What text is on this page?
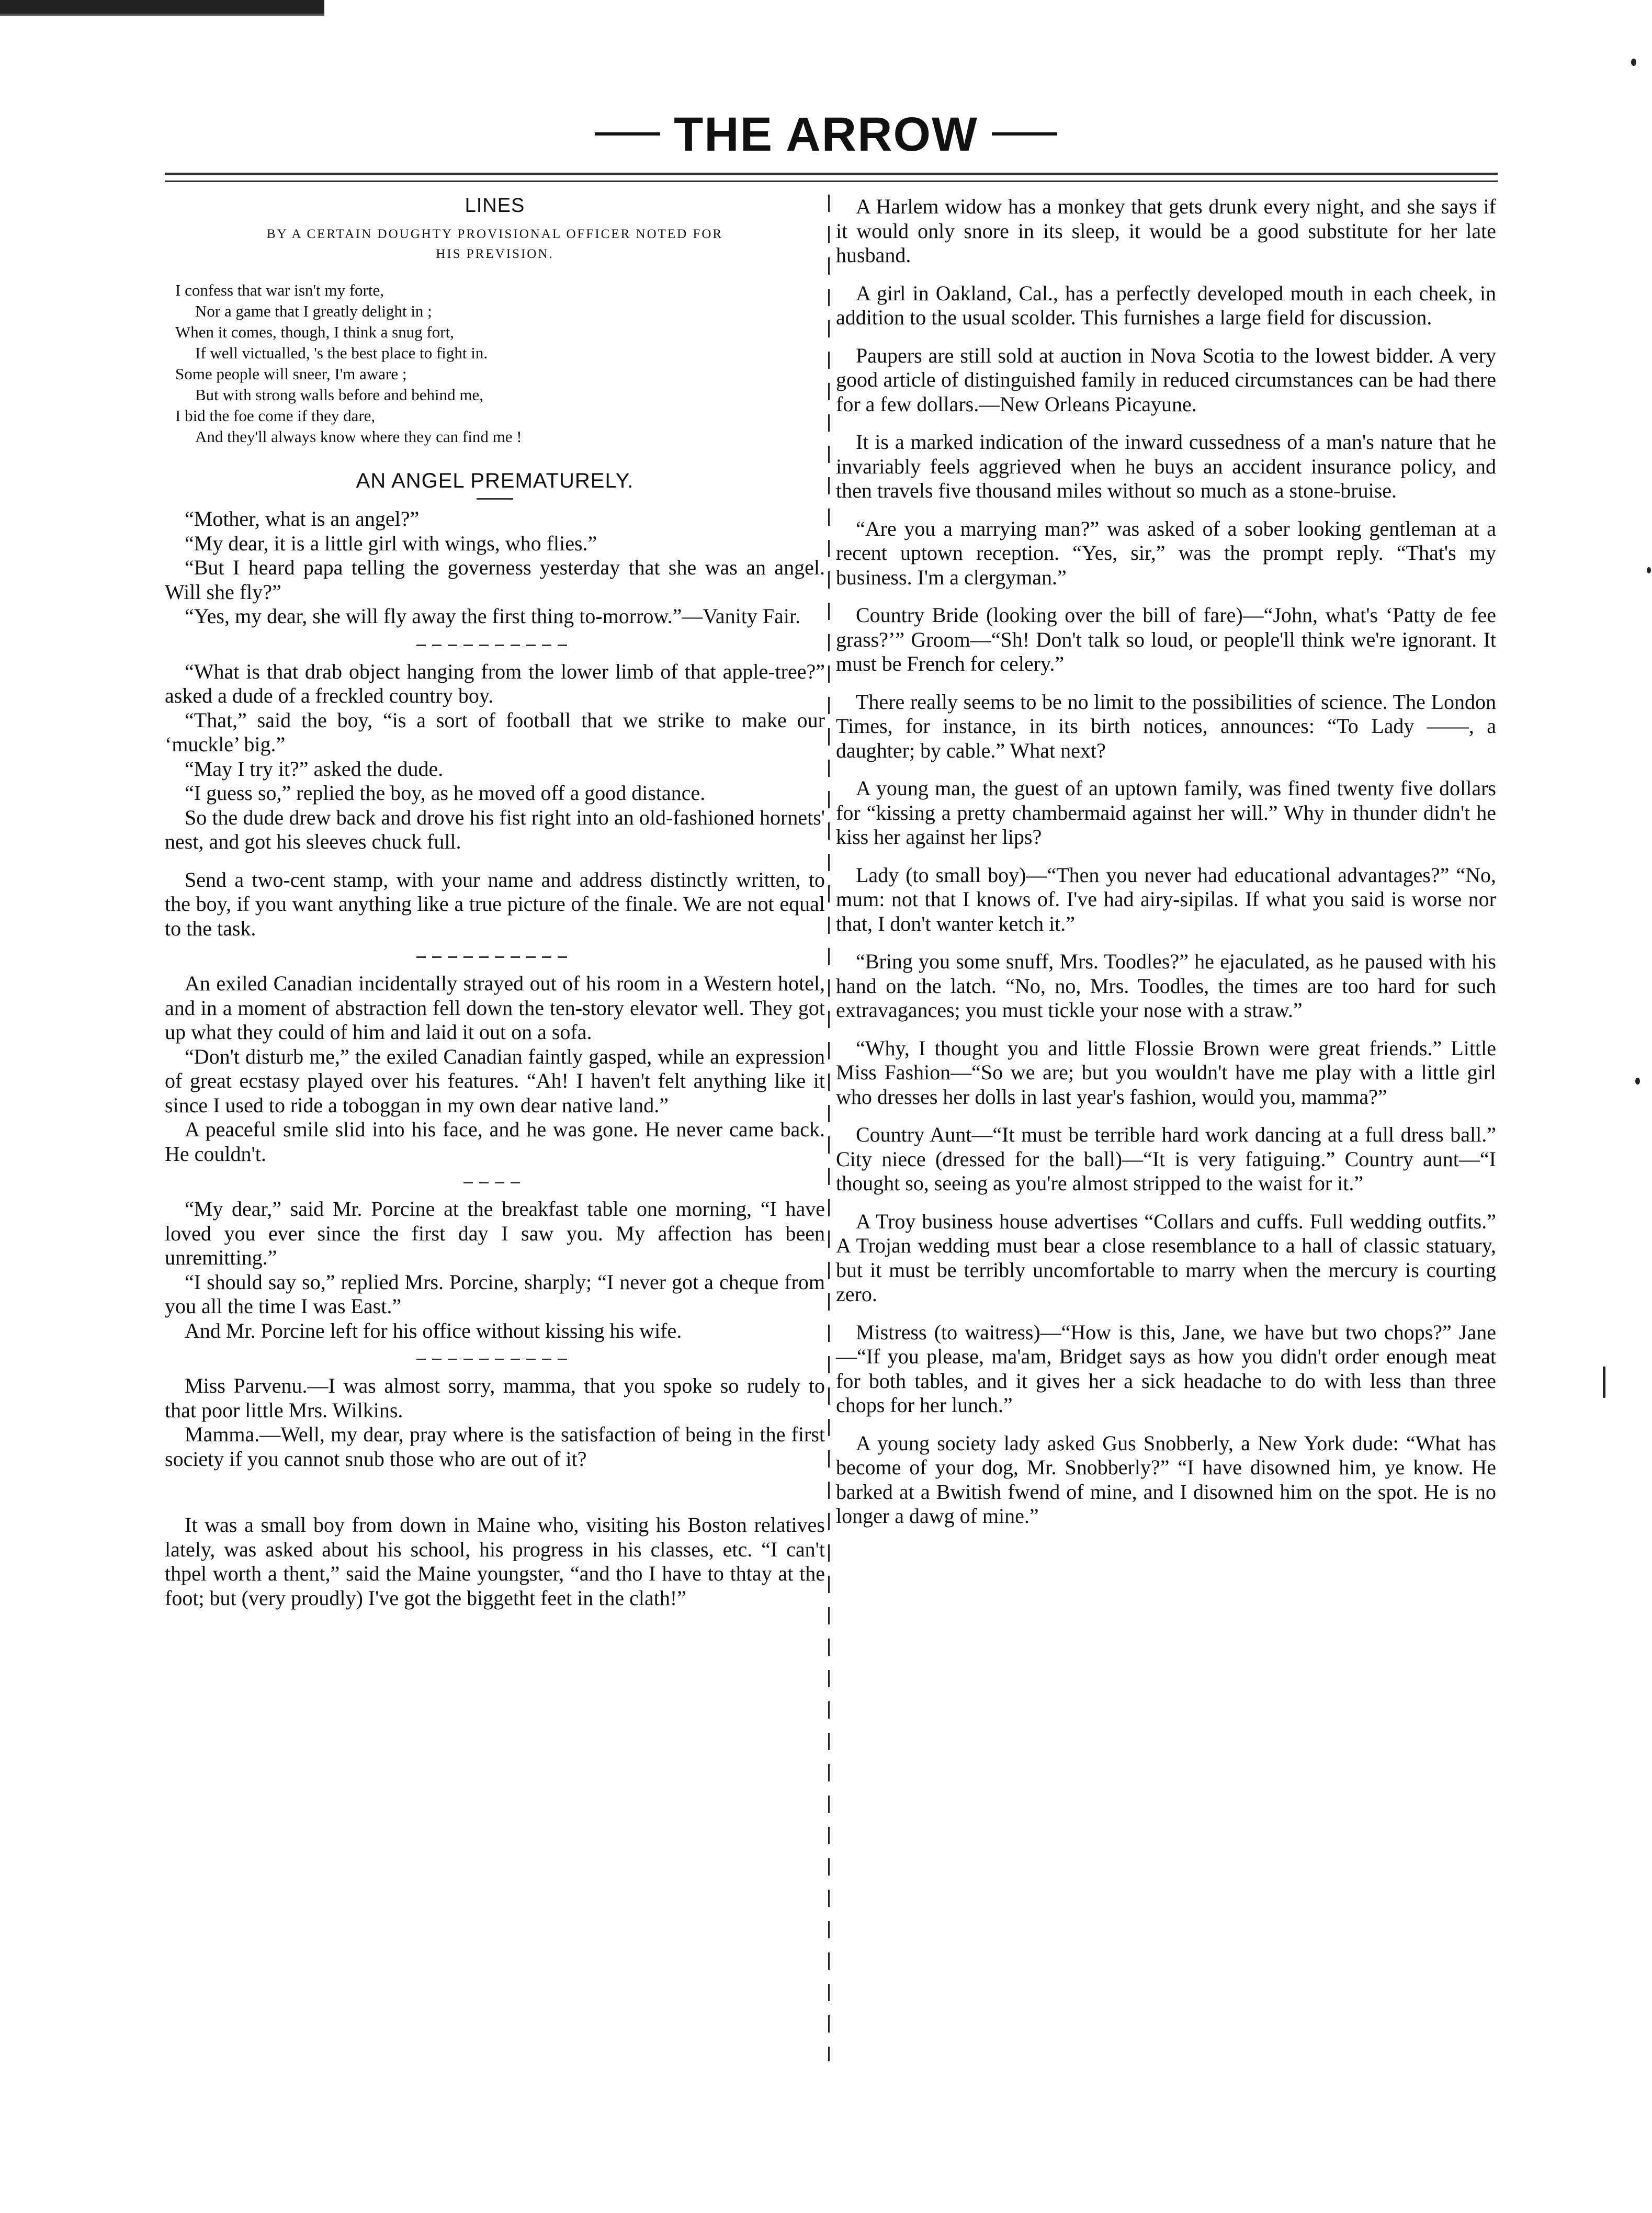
THE ARROW
LINES
BY A CERTAIN DOUGHTY PROVISIONAL OFFICER NOTED FOR HIS PREVISION.
I confess that war isn't my forte,
Nor a game that I greatly delight in ;
When it comes, though, I think a snug fort,
If well victualled, 's the best place to fight in.
Some people will sneer, I'm aware ;
But with strong walls before and behind me,
I bid the foe come if they dare,
And they'll always know where they can find me !
AN ANGEL PREMATURELY.

“Mother, what is an angel?”

“My dear, it is a little girl with wings, who flies.”

“But I heard papa telling the governess yesterday that she was an angel. Will she fly?”

“Yes, my dear, she will fly away the first thing to-morrow.”—Vanity Fair.

“What is that drab object hanging from the lower limb of that apple-tree?” asked a dude of a freckled country boy.

“That,” said the boy, “is a sort of football that we strike to make our ‘muckle’ big.”

“May I try it?” asked the dude.

“I guess so,” replied the boy, as he moved off a good distance.

So the dude drew back and drove his fist right into an old-fashioned hornets' nest, and got his sleeves chuck full.

Send a two-cent stamp, with your name and address distinctly written, to the boy, if you want anything like a true picture of the finale. We are not equal to the task.

An exiled Canadian incidentally strayed out of his room in a Western hotel, and in a moment of abstraction fell down the ten-story elevator well. They got up what they could of him and laid it out on a sofa.

“Don't disturb me,” the exiled Canadian faintly gasped, while an expression of great ecstasy played over his features. “Ah! I haven't felt anything like it since I used to ride a toboggan in my own dear native land.”

A peaceful smile slid into his face, and he was gone. He never came back. He couldn't.

“My dear,” said Mr. Porcine at the breakfast table one morning, “I have loved you ever since the first day I saw you. My affection has been unremitting.”

“I should say so,” replied Mrs. Porcine, sharply; “I never got a cheque from you all the time I was East.”

And Mr. Porcine left for his office without kissing his wife.

Miss Parvenu.—I was almost sorry, mamma, that you spoke so rudely to that poor little Mrs. Wilkins.

Mamma.—Well, my dear, pray where is the satisfaction of being in the first society if you cannot snub those who are out of it?

It was a small boy from down in Maine who, visiting his Boston relatives lately, was asked about his school, his progress in his classes, etc. “I can't thpel worth a thent,” said the Maine youngster, “and tho I have to thtay at the foot; but (very proudly) I've got the biggetht feet in the clath!”

A Harlem widow has a monkey that gets drunk every night, and she says if it would only snore in its sleep, it would be a good substitute for her late husband.

A girl in Oakland, Cal., has a perfectly developed mouth in each cheek, in addition to the usual scolder. This furnishes a large field for discussion.

Paupers are still sold at auction in Nova Scotia to the lowest bidder. A very good article of distinguished family in reduced circumstances can be had there for a few dollars.—New Orleans Picayune.

It is a marked indication of the inward cussedness of a man's nature that he invariably feels aggrieved when he buys an accident insurance policy, and then travels five thousand miles without so much as a stone-bruise.

“Are you a marrying man?” was asked of a sober looking gentleman at a recent uptown reception. “Yes, sir,” was the prompt reply. “That's my business. I'm a clergyman.”

Country Bride (looking over the bill of fare)—“John, what's ‘Patty de fee grass?’” Groom—“Sh! Don't talk so loud, or people'll think we're ignorant. It must be French for celery.”

There really seems to be no limit to the possibilities of science. The London Times, for instance, in its birth notices, announces: “To Lady ——, a daughter; by cable.” What next?

A young man, the guest of an uptown family, was fined twenty five dollars for “kissing a pretty chambermaid against her will.” Why in thunder didn't he kiss her against her lips?

Lady (to small boy)—“Then you never had educational advantages?” “No, mum: not that I knows of. I've had airy-sipilas. If what you said is worse nor that, I don't wanter ketch it.”

“Bring you some snuff, Mrs. Toodles?” he ejaculated, as he paused with his hand on the latch. “No, no, Mrs. Toodles, the times are too hard for such extravagances; you must tickle your nose with a straw.”

“Why, I thought you and little Flossie Brown were great friends.” Little Miss Fashion—“So we are; but you wouldn't have me play with a little girl who dresses her dolls in last year's fashion, would you, mamma?”

Country Aunt—“It must be terrible hard work dancing at a full dress ball.” City niece (dressed for the ball)—“It is very fatiguing.” Country aunt—“I thought so, seeing as you're almost stripped to the waist for it.”

A Troy business house advertises “Collars and cuffs. Full wedding outfits.” A Trojan wedding must bear a close resemblance to a hall of classic statuary, but it must be terribly uncomfortable to marry when the mercury is courting zero.

Mistress (to waitress)—“How is this, Jane, we have but two chops?” Jane—“If you please, ma'am, Bridget says as how you didn't order enough meat for both tables, and it gives her a sick headache to do with less than three chops for her lunch.”

A young society lady asked Gus Snobberly, a New York dude: “What has become of your dog, Mr. Snobberly?” “I have disowned him, ye know. He barked at a Bwitish fwend of mine, and I disowned him on the spot. He is no longer a dawg of mine.”
